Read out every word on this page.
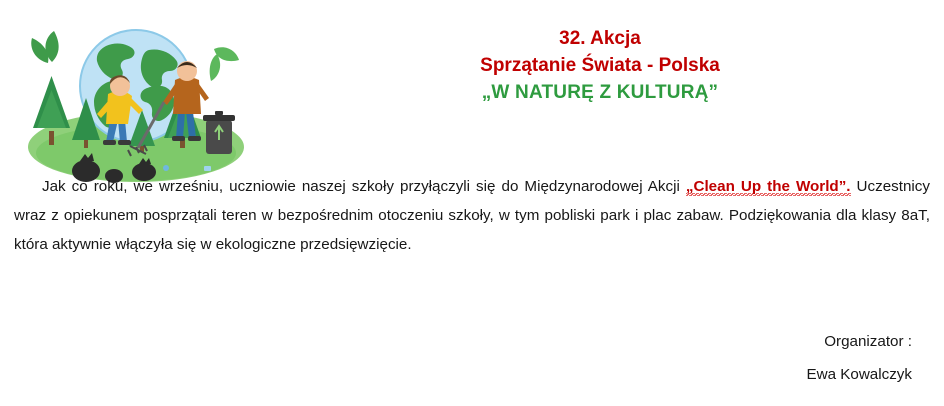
32. Akcja
Sprzątanie Świata - Polska
„W NATURĘ Z KULTURĄ”

Jak co roku, we wrześniu, uczniowie naszej szkoły przyłączyli się do Międzynarodowej Akcji „Clean Up the World”. Uczestnicy wraz z opiekunem posprzątali teren w bezpośrednim otoczeniu szkoły, w tym pobliski park i plac zabaw. Podziękowania dla klasy 8aT, która aktywnie włączyła się w ekologiczne przedsięwzięcie.

Organizator :
Ewa Kowalczyk
